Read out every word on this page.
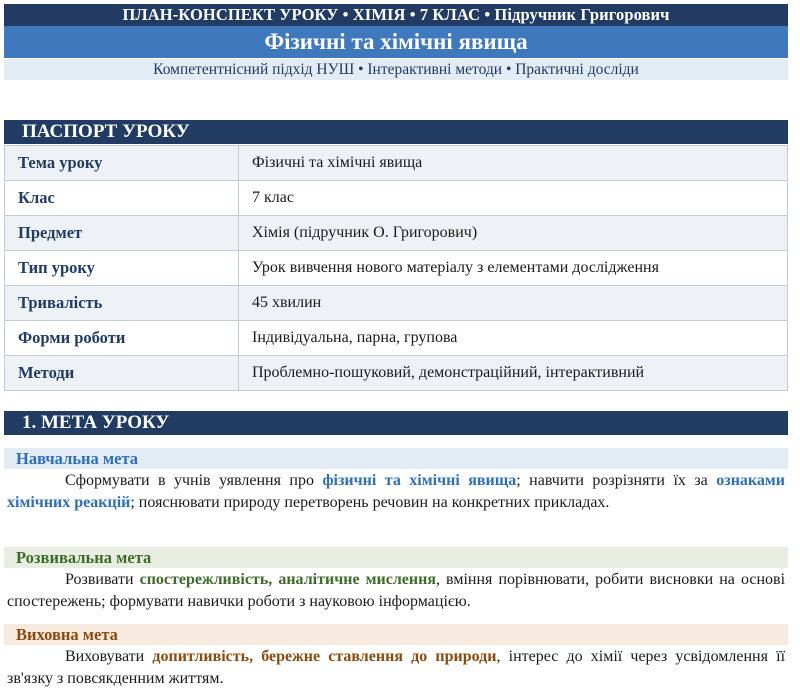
ПЛАН-КОНСПЕКТ УРОКУ • ХІМІЯ • 7 КЛАС • Підручник Григорович
Фізичні та хімічні явища
Компетентнісний підхід НУШ • Інтерактивні методи • Практичні досліди
ПАСПОРТ УРОКУ
Тема уроку	Фізичні та хімічні явища
Клас	7 клас
Предмет	Хімія (підручник О. Григорович)
Тип уроку	Урок вивчення нового матеріалу з елементами дослідження
Тривалість	45 хвилин
Форми роботи	Індивідуальна, парна, групова
Методи	Проблемно-пошуковий, демонстраційний, інтерактивний
1. МЕТА УРОКУ
Навчальна мета
Сформувати в учнів уявлення про фізичні та хімічні явища; навчити розрізняти їх за ознаками хімічних реакцій; пояснювати природу перетворень речовин на конкретних прикладах.
Розвивальна мета
Розвивати спостережливість, аналітичне мислення, вміння порівнювати, робити висновки на основі спостережень; формувати навички роботи з науковою інформацією.
Виховна мета
Виховувати допитливість, бережне ставлення до природи, інтерес до хімії через усвідомлення її зв'язку з повсякденним життям.
